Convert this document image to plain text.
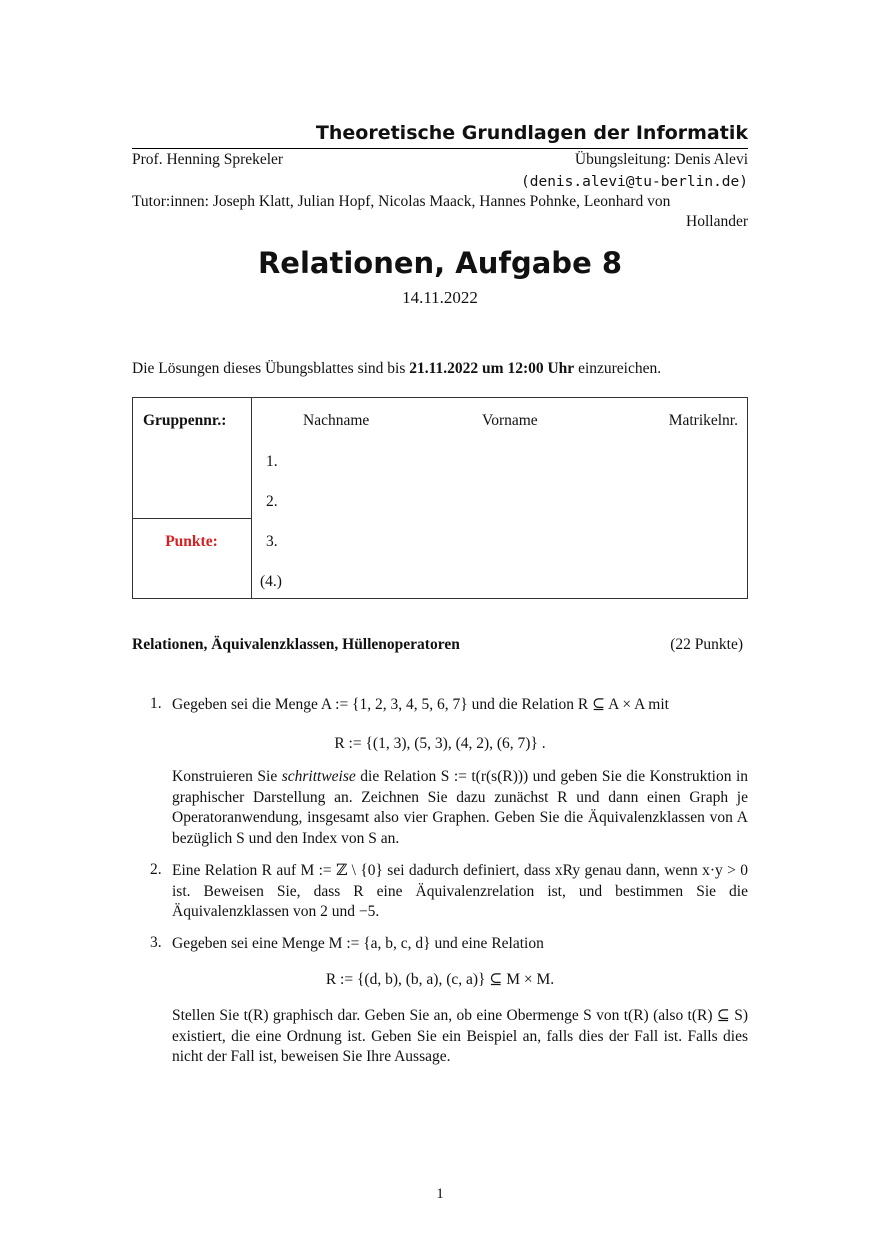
Theoretische Grundlagen der Informatik
Prof. Henning Sprekeler	Übungsleitung: Denis Alevi
(denis.alevi@tu-berlin.de)
Tutor:innen: Joseph Klatt, Julian Hopf, Nicolas Maack, Hannes Pohnke, Leonhard von
Hollander
Relationen, Aufgabe 8
14.11.2022
Die Lösungen dieses Übungsblattes sind bis 21.11.2022 um 12:00 Uhr einzureichen.
Gruppennr.:
Punkte:
Nachname	Vorname	Matrikelnr.
1.
2.
3.
(4.)
Relationen, Äquivalenzklassen, Hüllenoperatoren	(22 Punkte)
1. Gegeben sei die Menge A := {1, 2, 3, 4, 5, 6, 7} und die Relation R ⊆ A × A mit
R := {(1, 3), (5, 3), (4, 2), (6, 7)} .
Konstruieren Sie schrittweise die Relation S := t(r(s(R))) und geben Sie die Konstruktion in graphischer Darstellung an. Zeichnen Sie dazu zunächst R und dann einen Graph je Operatoranwendung, insgesamt also vier Graphen. Geben Sie die Äquivalenzklassen von A bezüglich S und den Index von S an.
2. Eine Relation R auf M := ℤ \ {0} sei dadurch definiert, dass xRy genau dann, wenn x·y > 0 ist. Beweisen Sie, dass R eine Äquivalenzrelation ist, und bestimmen Sie die Äquivalenzklassen von 2 und −5.
3. Gegeben sei eine Menge M := {a, b, c, d} und eine Relation
R := {(d, b), (b, a), (c, a)} ⊆ M × M.
Stellen Sie t(R) graphisch dar. Geben Sie an, ob eine Obermenge S von t(R) (also t(R) ⊆ S) existiert, die eine Ordnung ist. Geben Sie ein Beispiel an, falls dies der Fall ist. Falls dies nicht der Fall ist, beweisen Sie Ihre Aussage.
1
